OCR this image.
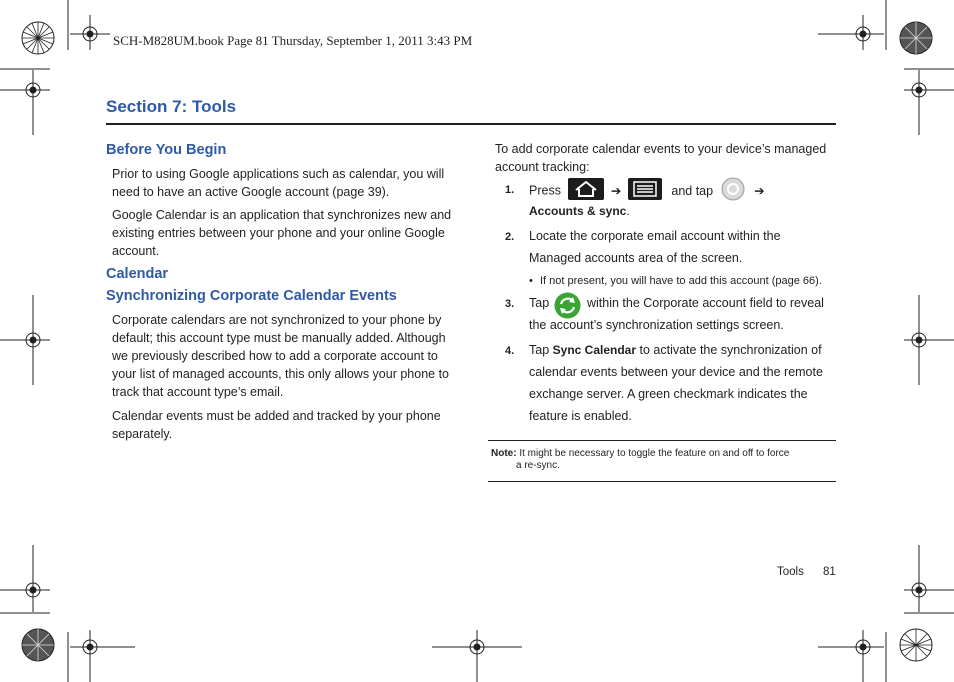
SCH-M828UM.book Page 81 Thursday, September 1, 2011 3:43 PM
Section 7: Tools
Before You Begin
Prior to using Google applications such as calendar, you will need to have an active Google account (page 39).
Google Calendar is an application that synchronizes new and existing entries between your phone and your online Google account.
Calendar
Synchronizing Corporate Calendar Events
Corporate calendars are not synchronized to your phone by default; this account type must be manually added. Although we previously described how to add a corporate account to your list of managed accounts, this only allows your phone to track that account type’s email.
Calendar events must be added and tracked by your phone separately.
To add corporate calendar events to your device’s managed account tracking:
1. Press	➔	and tap	➔
Accounts & sync.
2. Locate the corporate email account within the Managed accounts area of the screen.
• If not present, you will have to add this account (page 66).
3. Tap	within the Corporate account field to reveal the account’s synchronization settings screen.
4. Tap Sync Calendar to activate the synchronization of calendar events between your device and the remote exchange server. A green checkmark indicates the feature is enabled.
Note: It might be necessary to toggle the feature on and off to force
a re-sync.
Tools 81
